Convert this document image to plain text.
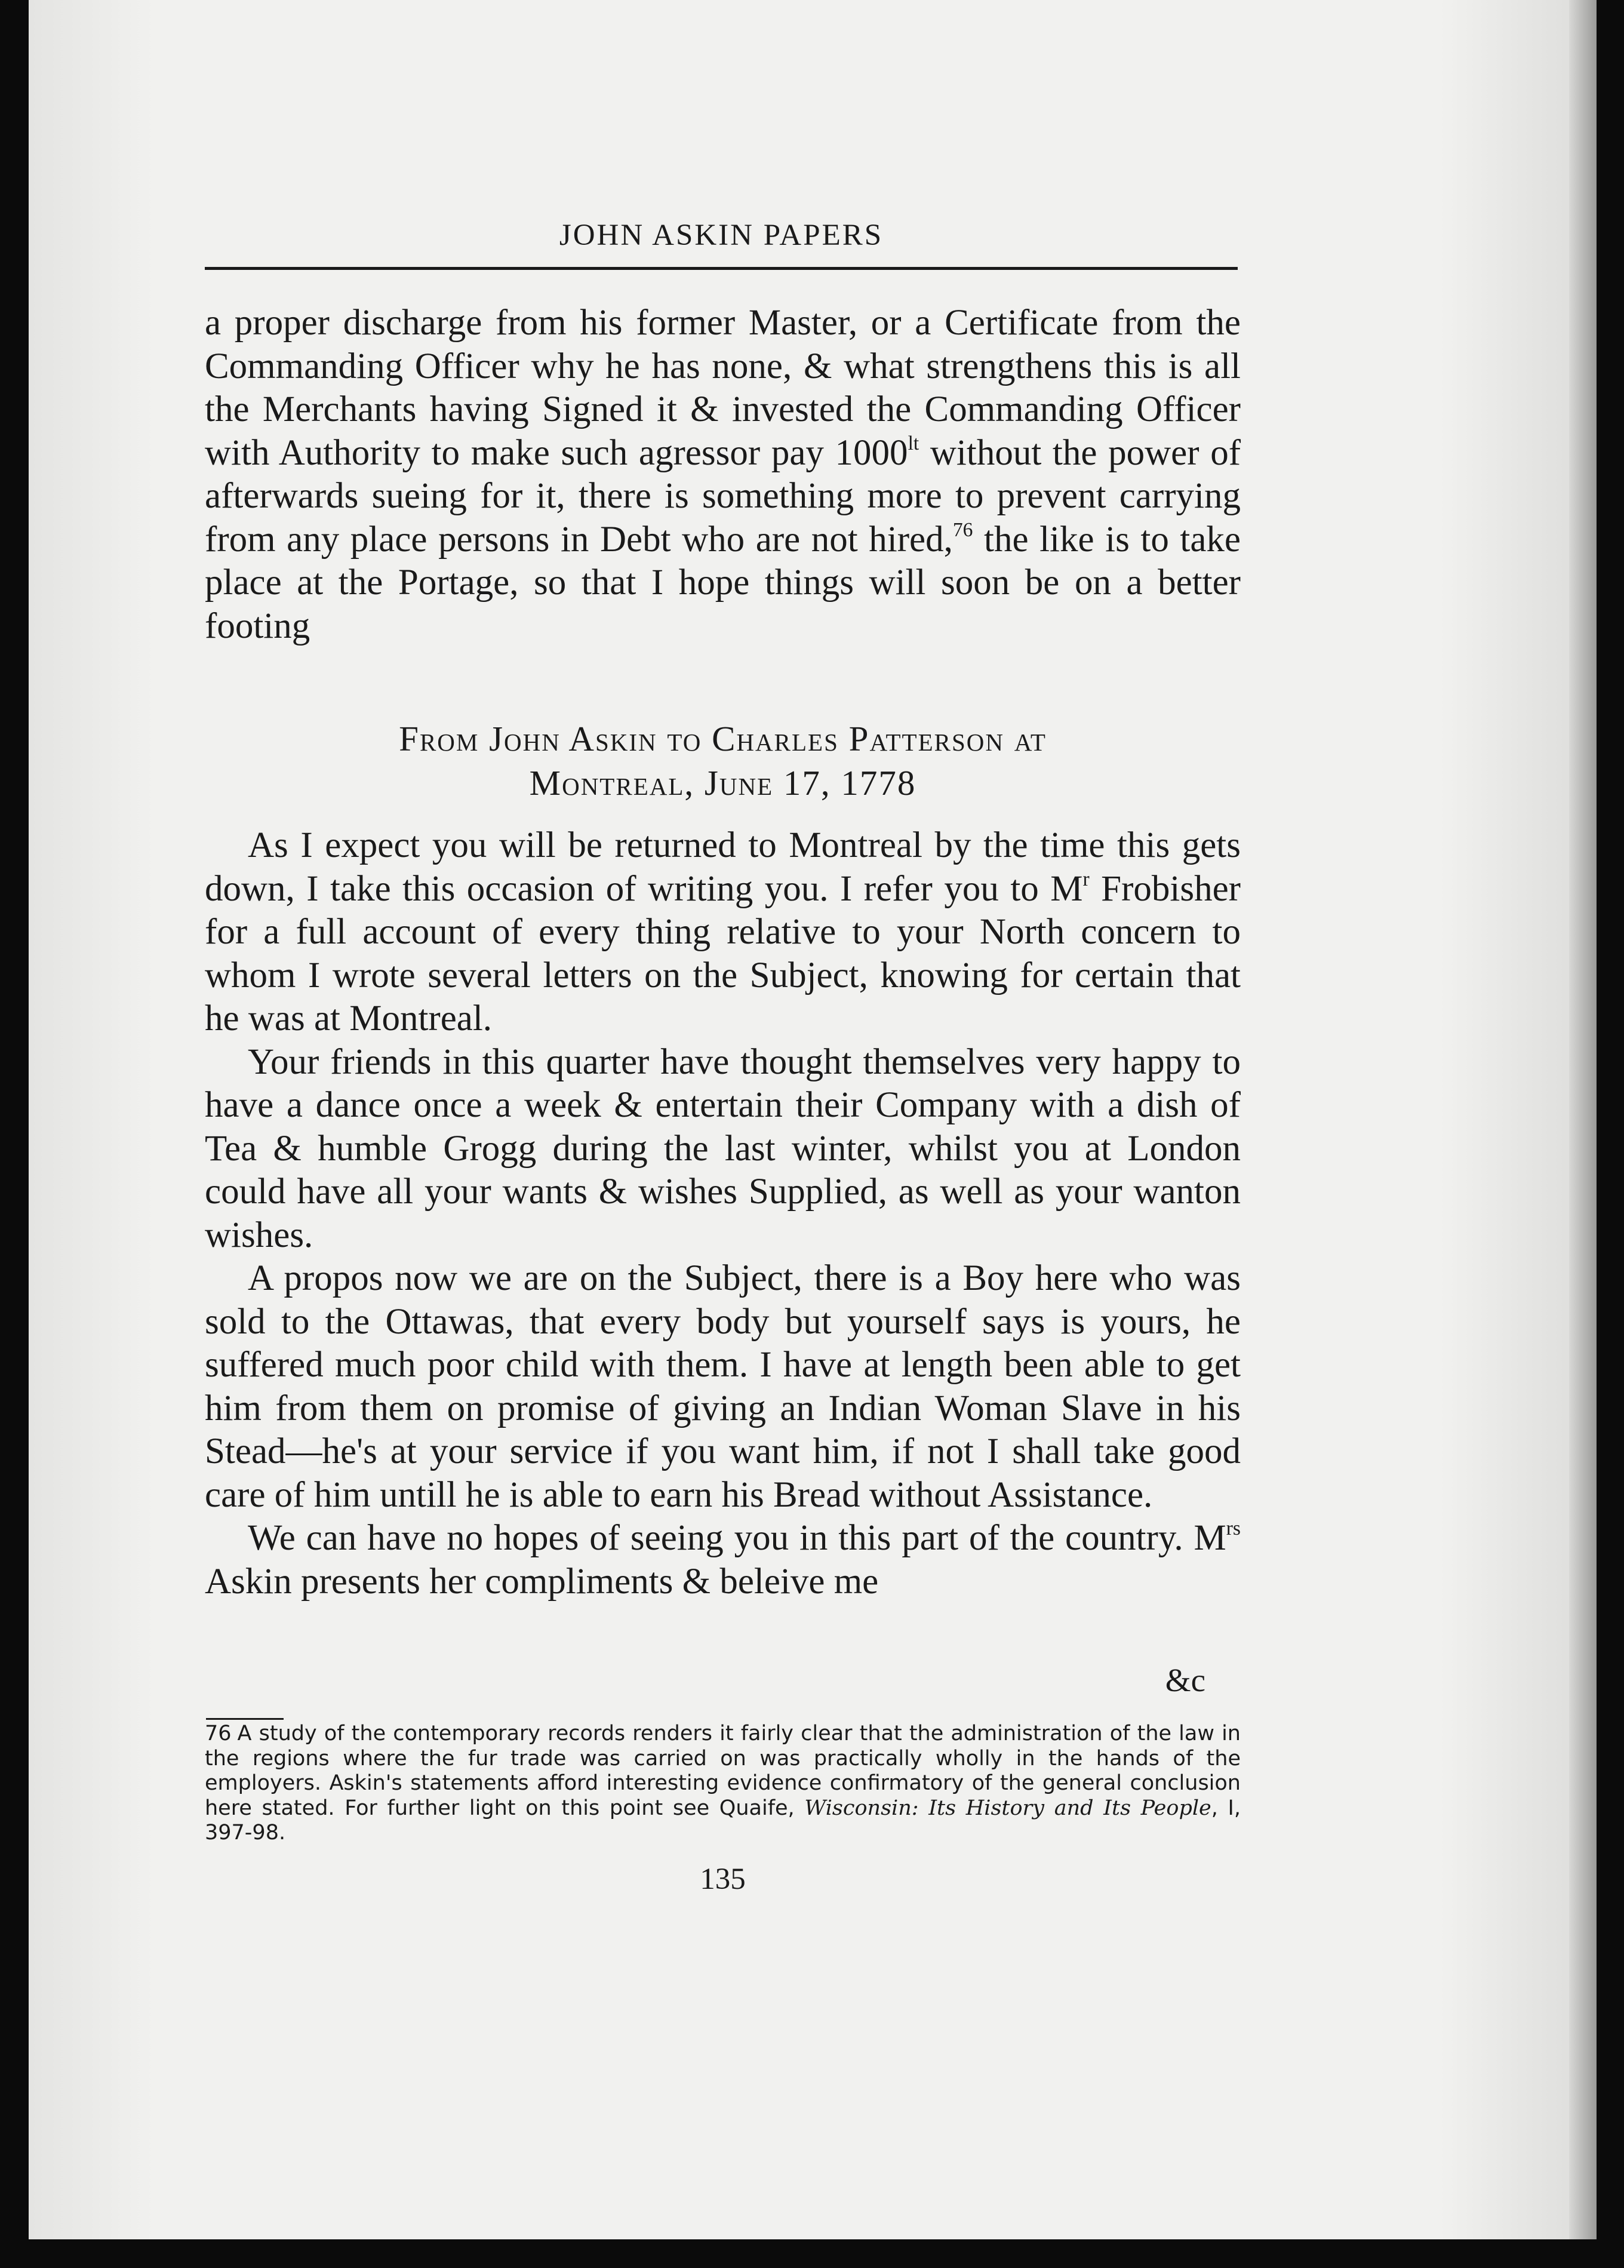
JOHN ASKIN PAPERS

a proper discharge from his former Master, or a Certificate from the Commanding Officer why he has none, & what strengthens this is all the Merchants having Signed it & invested the Commanding Officer with Authority to make such agressor pay $1000^{lt}$ without the power of afterwards sueing for it, there is something more to prevent carrying from any place persons in Debt who are not hired,$^{76}$ the like is to take place at the Portage, so that I hope things will soon be on a better footing

From John Askin to Charles Patterson at
Montreal, June 17, 1778

As I expect you will be returned to Montreal by the time this gets down, I take this occasion of writing you. I refer you to $M^r$ Frobisher for a full account of every thing relative to your North concern to whom I wrote several letters on the Subject, knowing for certain that he was at Montreal.

Your friends in this quarter have thought themselves very happy to have a dance once a week & entertain their Company with a dish of Tea & humble Grogg during the last winter, whilst you at London could have all your wants & wishes Supplied, as well as your wanton wishes.

A propos now we are on the Subject, there is a Boy here who was sold to the Ottawas, that every body but yourself says is yours, he suffered much poor child with them. I have at length been able to get him from them on promise of giving an Indian Woman Slave in his Stead—he's at your service if you want him, if not I shall take good care of him untill he is able to earn his Bread without Assistance.

We can have no hopes of seeing you in this part of the country. $M^{rs}$ Askin presents her compliments & beleive me

&c

76 A study of the contemporary records renders it fairly clear that the administration of the law in the regions where the fur trade was carried on was practically wholly in the hands of the employers. Askin's statements afford interesting evidence confirmatory of the general conclusion here stated. For further light on this point see Quaife, Wisconsin: Its History and Its People, I, 397-98.

135
